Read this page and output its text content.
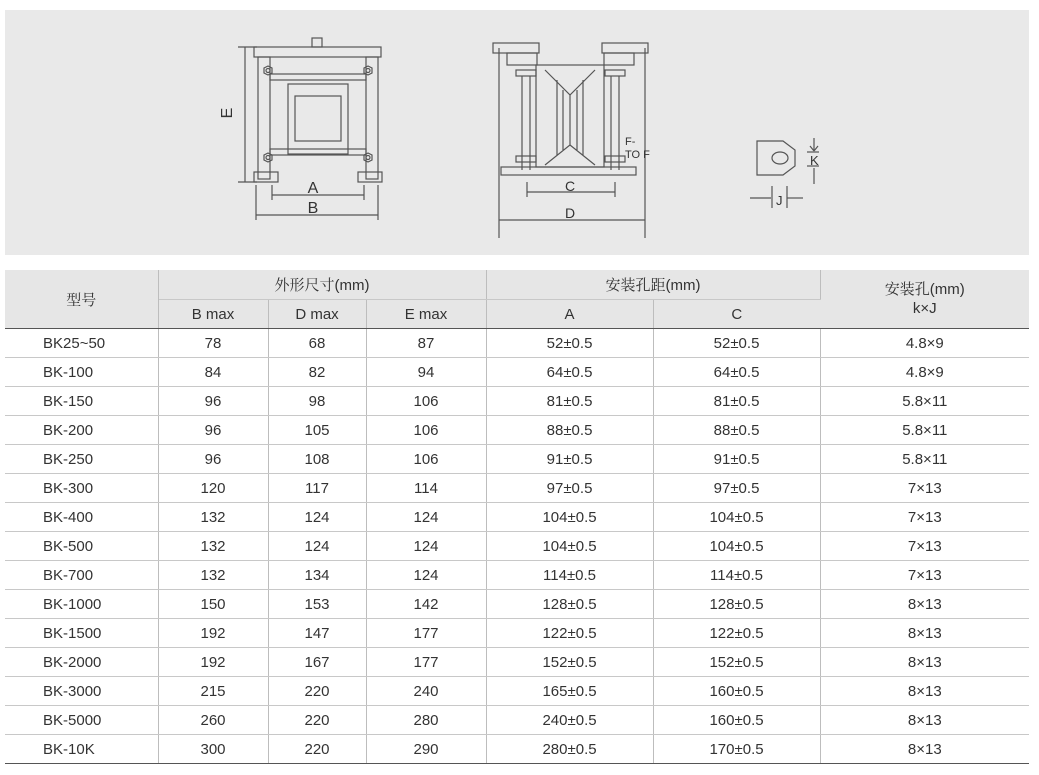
E
A
B
C
D
F-
TO F	K
J
型号	外形尺寸(mm)			安装孔距(mm)		安装孔(mm)
k×J

	B max	D max	E max	A	C	
BK25~50	78	68	87	52±0.5	52±0.5	4.8×9
BK-100	84	82	94	64±0.5	64±0.5	4.8×9
BK-150	96	98	106	81±0.5	81±0.5	5.8×11
BK-200	96	105	106	88±0.5	88±0.5	5.8×11
BK-250	96	108	106	91±0.5	91±0.5	5.8×11
BK-300	120	117	114	97±0.5	97±0.5	7×13
BK-400	132	124	124	104±0.5	104±0.5	7×13
BK-500	132	124	124	104±0.5	104±0.5	7×13
BK-700	132	134	124	114±0.5	114±0.5	7×13
BK-1000	150	153	142	128±0.5	128±0.5	8×13
BK-1500	192	147	177	122±0.5	122±0.5	8×13
BK-2000	192	167	177	152±0.5	152±0.5	8×13
BK-3000	215	220	240	165±0.5	160±0.5	8×13
BK-5000	260	220	280	240±0.5	160±0.5	8×13
BK-10K	300	220	290	280±0.5	170±0.5	8×13
